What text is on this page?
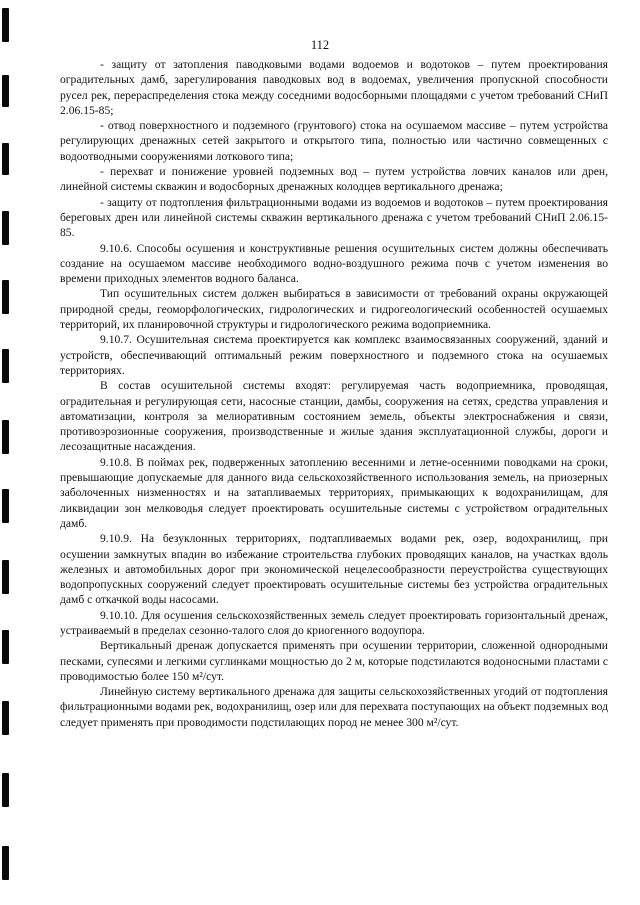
112

- защиту от затопления паводковыми водами водоемов и водотоков – путем проектирования оградительных дамб, зарегулирования паводковых вод в водоемах, увеличения пропускной способности русел рек, перераспределения стока между соседними водосборными площадями с учетом требований СНиП 2.06.15-85;

- отвод поверхностного и подземного (грунтового) стока на осушаемом массиве – путем устройства регулирующих дренажных сетей закрытого и открытого типа, полностью или частично совмещенных с водоотводными сооружениями лоткового типа;

- перехват и понижение уровней подземных вод – путем устройства ловчих каналов или дрен, линейной системы скважин и водосборных дренажных колодцев вертикального дренажа;

- защиту от подтопления фильтрационными водами из водоемов и водотоков – путем проектирования береговых дрен или линейной системы скважин вертикального дренажа с учетом требований СНиП 2.06.15-85.

9.10.6. Способы осушения и конструктивные решения осушительных систем должны обеспечивать создание на осушаемом массиве необходимого водно-воздушного режима почв с учетом изменения во времени приходных элементов водного баланса.

Тип осушительных систем должен выбираться в зависимости от требований охраны окружающей природной среды, геоморфологических, гидрологических и гидрогеологический особенностей осушаемых территорий, их планировочной структуры и гидрологического режима водоприемника.

9.10.7. Осушительная система проектируется как комплекс взаимосвязанных сооружений, зданий и устройств, обеспечивающий оптимальный режим поверхностного и подземного стока на осушаемых территориях.

В состав осушительной системы входят: регулируемая часть водоприемника, проводящая, оградительная и регулирующая сети, насосные станции, дамбы, сооружения на сетях, средства управления и автоматизации, контроля за мелиоративным состоянием земель, объекты электроснабжения и связи, противоэрозионные сооружения, производственные и жилые здания эксплуатационной службы, дороги и лесозащитные насаждения.

9.10.8. В поймах рек, подверженных затоплению весенними и летне-осенними поводками на сроки, превышающие допускаемые для данного вида сельскохозяйственного использования земель, на приозерных заболоченных низменностях и на затапливаемых территориях, примыкающих к водохранилищам, для ликвидации зон мелководья следует проектировать осушительные системы с устройством оградительных дамб.

9.10.9. На безуклонных территориях, подтапливаемых водами рек, озер, водохранилищ, при осушении замкнутых впадин во избежание строительства глубоких проводящих каналов, на участках вдоль железных и автомобильных дорог при экономической нецелесообразности переустройства существующих водопропускных сооружений следует проектировать осушительные системы без устройства оградительных дамб с откачкой воды насосами.

9.10.10. Для осушения сельскохозяйственных земель следует проектировать горизонтальный дренаж, устраиваемый в пределах сезонно-талого слоя до криогенного водоупора.

Вертикальный дренаж допускается применять при осушении территории, сложенной однородными песками, супесями и легкими суглинками мощностью до 2 м, которые подстилаются водоносными пластами с проводимостью более 150 м²/сут.

Линейную систему вертикального дренажа для защиты сельскохозяйственных угодий от подтопления фильтрационными водами рек, водохранилищ, озер или для перехвата поступающих на объект подземных вод следует применять при проводимости подстилающих пород не менее 300 м²/сут.
